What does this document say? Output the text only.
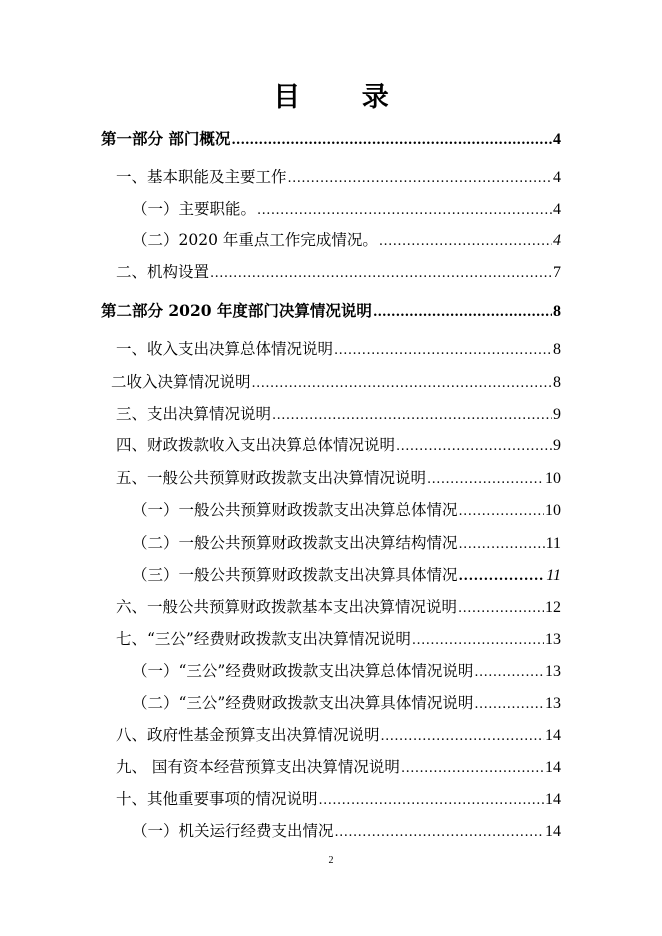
目 录
第一部分 部门概况 .....	4
一、基本职能及主要工作 .....	4
（一）主要职能。 .....	4
（二）2020 年重点工作完成情况。 .....	4
二、机构设置 .....	7
第二部分 2020 年度部门决算情况说明 .....	8
一、收入支出决算总体情况说明 .....	8
二收入决算情况说明 .....	8
三、支出决算情况说明 .....	9
四、财政拨款收入支出决算总体情况说明 .....	9
五、一般公共预算财政拨款支出决算情况说明 .....	10
（一）一般公共预算财政拨款支出决算总体情况 .....	10
（二）一般公共预算财政拨款支出决算结构情况 .....	11
（三）一般公共预算财政拨款支出决算具体情况 .....	11
六、一般公共预算财政拨款基本支出决算情况说明 .....	12
七、“三公”经费财政拨款支出决算情况说明 .....	13
（一）“三公”经费财政拨款支出决算总体情况说明 .....	13
（二）“三公”经费财政拨款支出决算具体情况说明 .....	13
八、政府性基金预算支出决算情况说明 .....	14
九、 国有资本经营预算支出决算情况说明 .....	14
十、其他重要事项的情况说明 .....	14
（一）机关运行经费支出情况 .....	14
2
